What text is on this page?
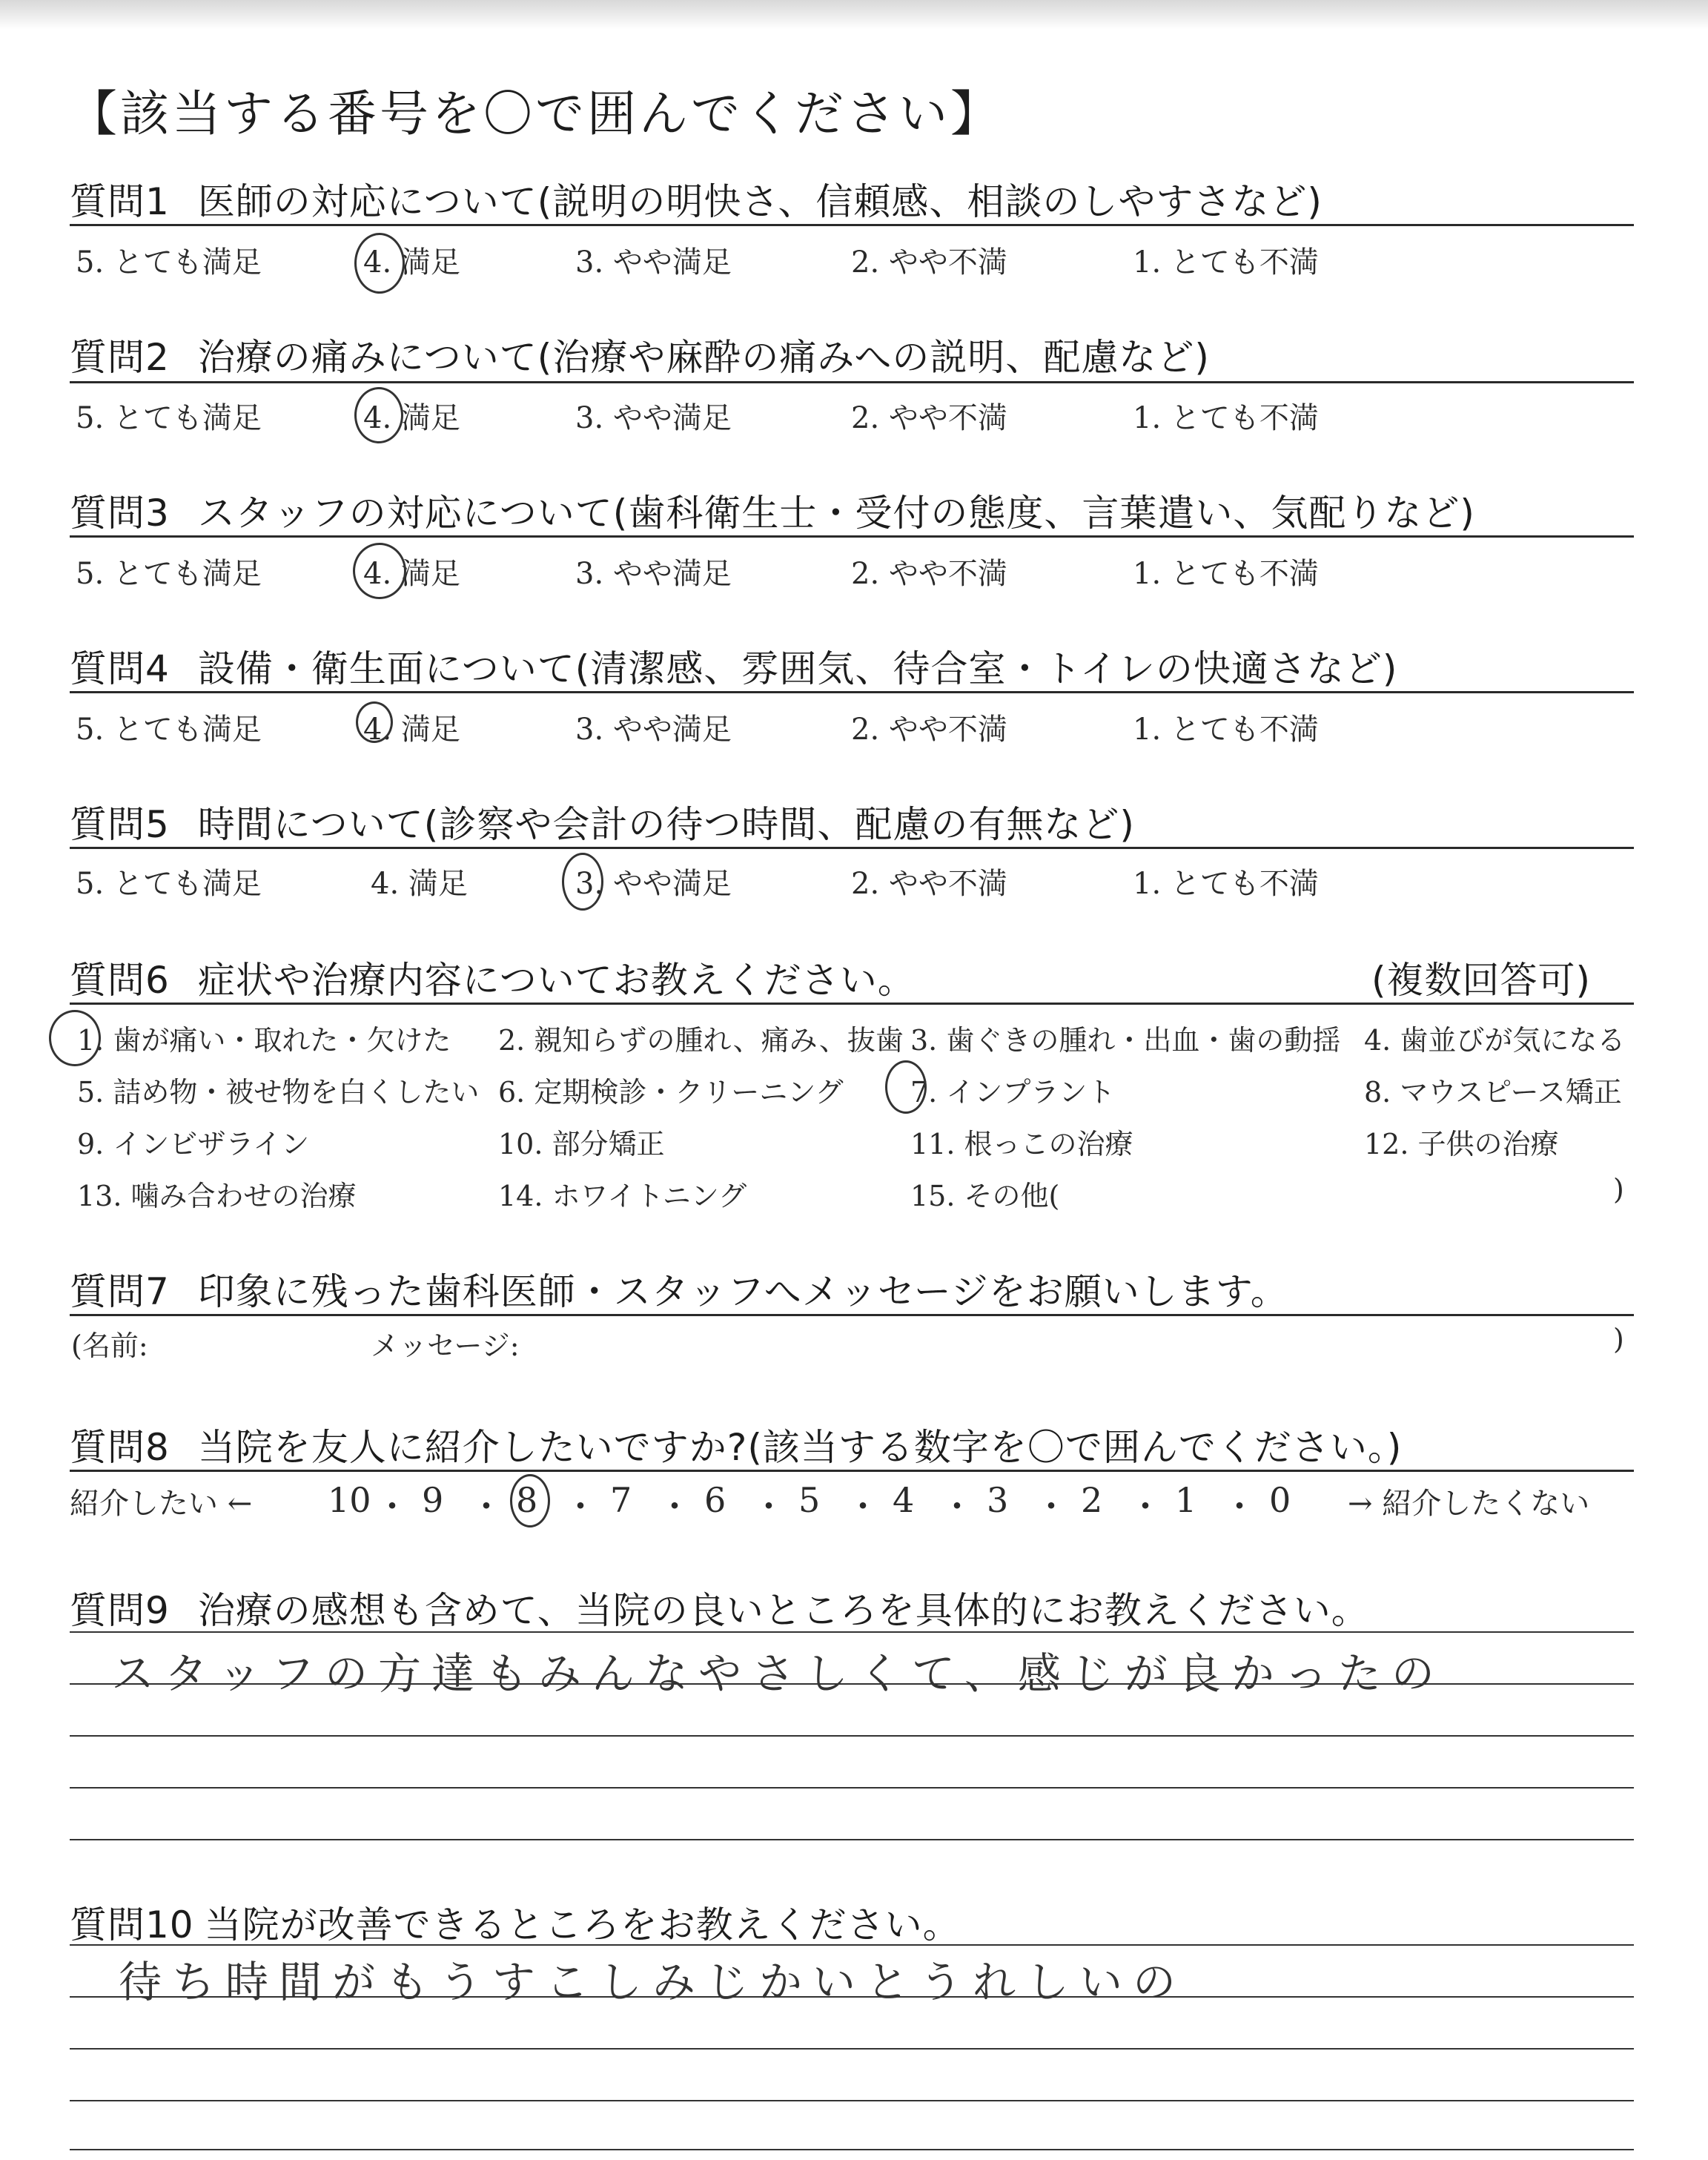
【該当する番号を〇で囲んでください】
質問1 医師の対応について(説明の明快さ、信頼感、相談のしやすさなど)
5. とても満足	4. 満足	3. やや満足	2. やや不満	1. とても不満
質問2 治療の痛みについて(治療や麻酔の痛みへの説明、配慮など)
5. とても満足	4. 満足	3. やや満足	2. やや不満	1. とても不満
質問3 スタッフの対応について(歯科衛生士・受付の態度、言葉遣い、気配りなど)
5. とても満足	4. 満足	3. やや満足	2. やや不満	1. とても不満
質問4 設備・衛生面について(清潔感、雰囲気、待合室・トイレの快適さなど)
5. とても満足	4. 満足	3. やや満足	2. やや不満	1. とても不満
質問5 時間について(診察や会計の待つ時間、配慮の有無など)
5. とても満足	4. 満足	3. やや満足	2. やや不満	1. とても不満
質問6 症状や治療内容についてお教えください。	(複数回答可)
1. 歯が痛い・取れた・欠けた 2. 親知らずの腫れ、痛み、抜歯 3. 歯ぐきの腫れ・出血・歯の動揺 4. 歯並びが気になる
5. 詰め物・被せ物を白くしたい 6. 定期検診・クリーニング 7. インプラント	8. マウスピース矯正
9. インビザライン	10. 部分矯正	11. 根っこの治療	12. 子供の治療
13. 噛み合わせの治療	14. ホワイトニング	15. その他(	)
質問7 印象に残った歯科医師・スタッフへメッセージをお願いします。
(名前:	メッセージ:	)
質問8 当院を友人に紹介したいですか?(該当する数字を〇で囲んでください。)
紹介したい ← 10 ・ 9 ・ 8 ・ 7 ・ 6 ・ 5 ・ 4 ・ 3 ・ 2 ・ 1 ・ 0 → 紹介したくない
質問9 治療の感想も含めて、当院の良いところを具体的にお教えください。
スタッフの方達もみんなやさしくて、感じが良かったの
質問10 当院が改善できるところをお教えください。
待ち時間がもうすこしみじかいとうれしいの
